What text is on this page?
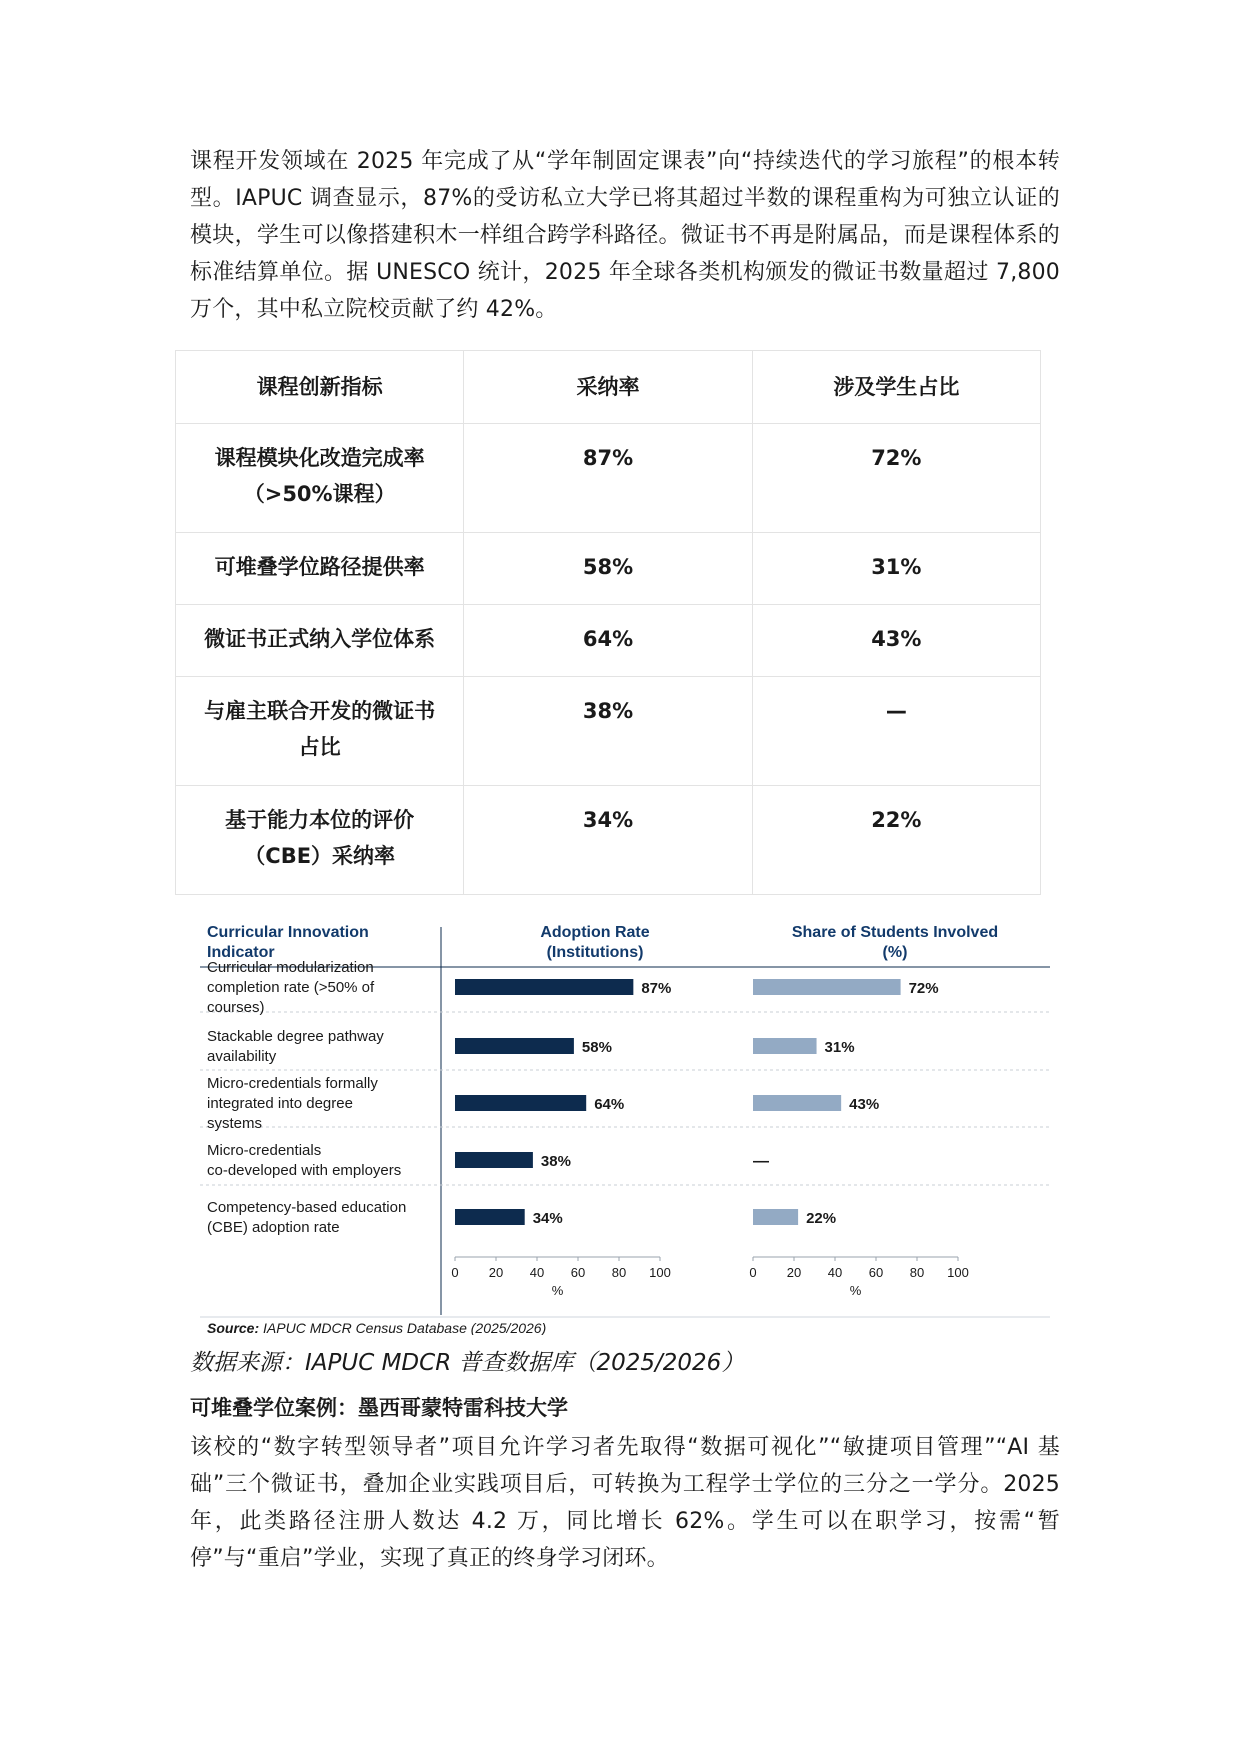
课程开发领域在 2025 年完成了从“学年制固定课表”向“持续迭代的学习旅程”的根本转型。IAPUC 调查显示，87%的受访私立大学已将其超过半数的课程重构为可独立认证的模块，学生可以像搭建积木一样组合跨学科路径。微证书不再是附属品，而是课程体系的标准结算单位。据 UNESCO 统计，2025 年全球各类机构颁发的微证书数量超过 7,800 万个，其中私立院校贡献了约 42%。

课程创新指标	采纳率	涉及学生占比
课程模块化改造完成率（>50%课程）	87%	72%
可堆叠学位路径提供率	58%	31%
微证书正式纳入学位体系	64%	43%
与雇主联合开发的微证书占比	38%	—
基于能力本位的评价（CBE）采纳率	34%	22%
Curricular Innovation Indicator
Source: IAPUC MDCR Census Database (2025/2026)
Adoption Rate (Institutions)
Share of Students Involved (%)
Curricular modularization completion rate (>50% of courses)
Stackable degree pathway availability
Micro-credentials formally integrated into degree systems
Micro-credentials co-developed with employers
Competency-based education (CBE) adoption rate
87%
58%
64%
38%
34%
0 20 40 60 80 100
%
72%
31%
43%
—
22%
0 20 40 60 80 100
%

数据来源：IAPUC MDCR 普查数据库（2025/2026）

可堆叠学位案例：墨西哥蒙特雷科技大学

该校的“数字转型领导者”项目允许学习者先取得“数据可视化”“敏捷项目管理”“AI 基础”三个微证书，叠加企业实践项目后，可转换为工程学士学位的三分之一学分。2025 年，此类路径注册人数达 4.2 万，同比增长 62%。学生可以在职学习，按需“暂停”与“重启”学业，实现了真正的终身学习闭环。
